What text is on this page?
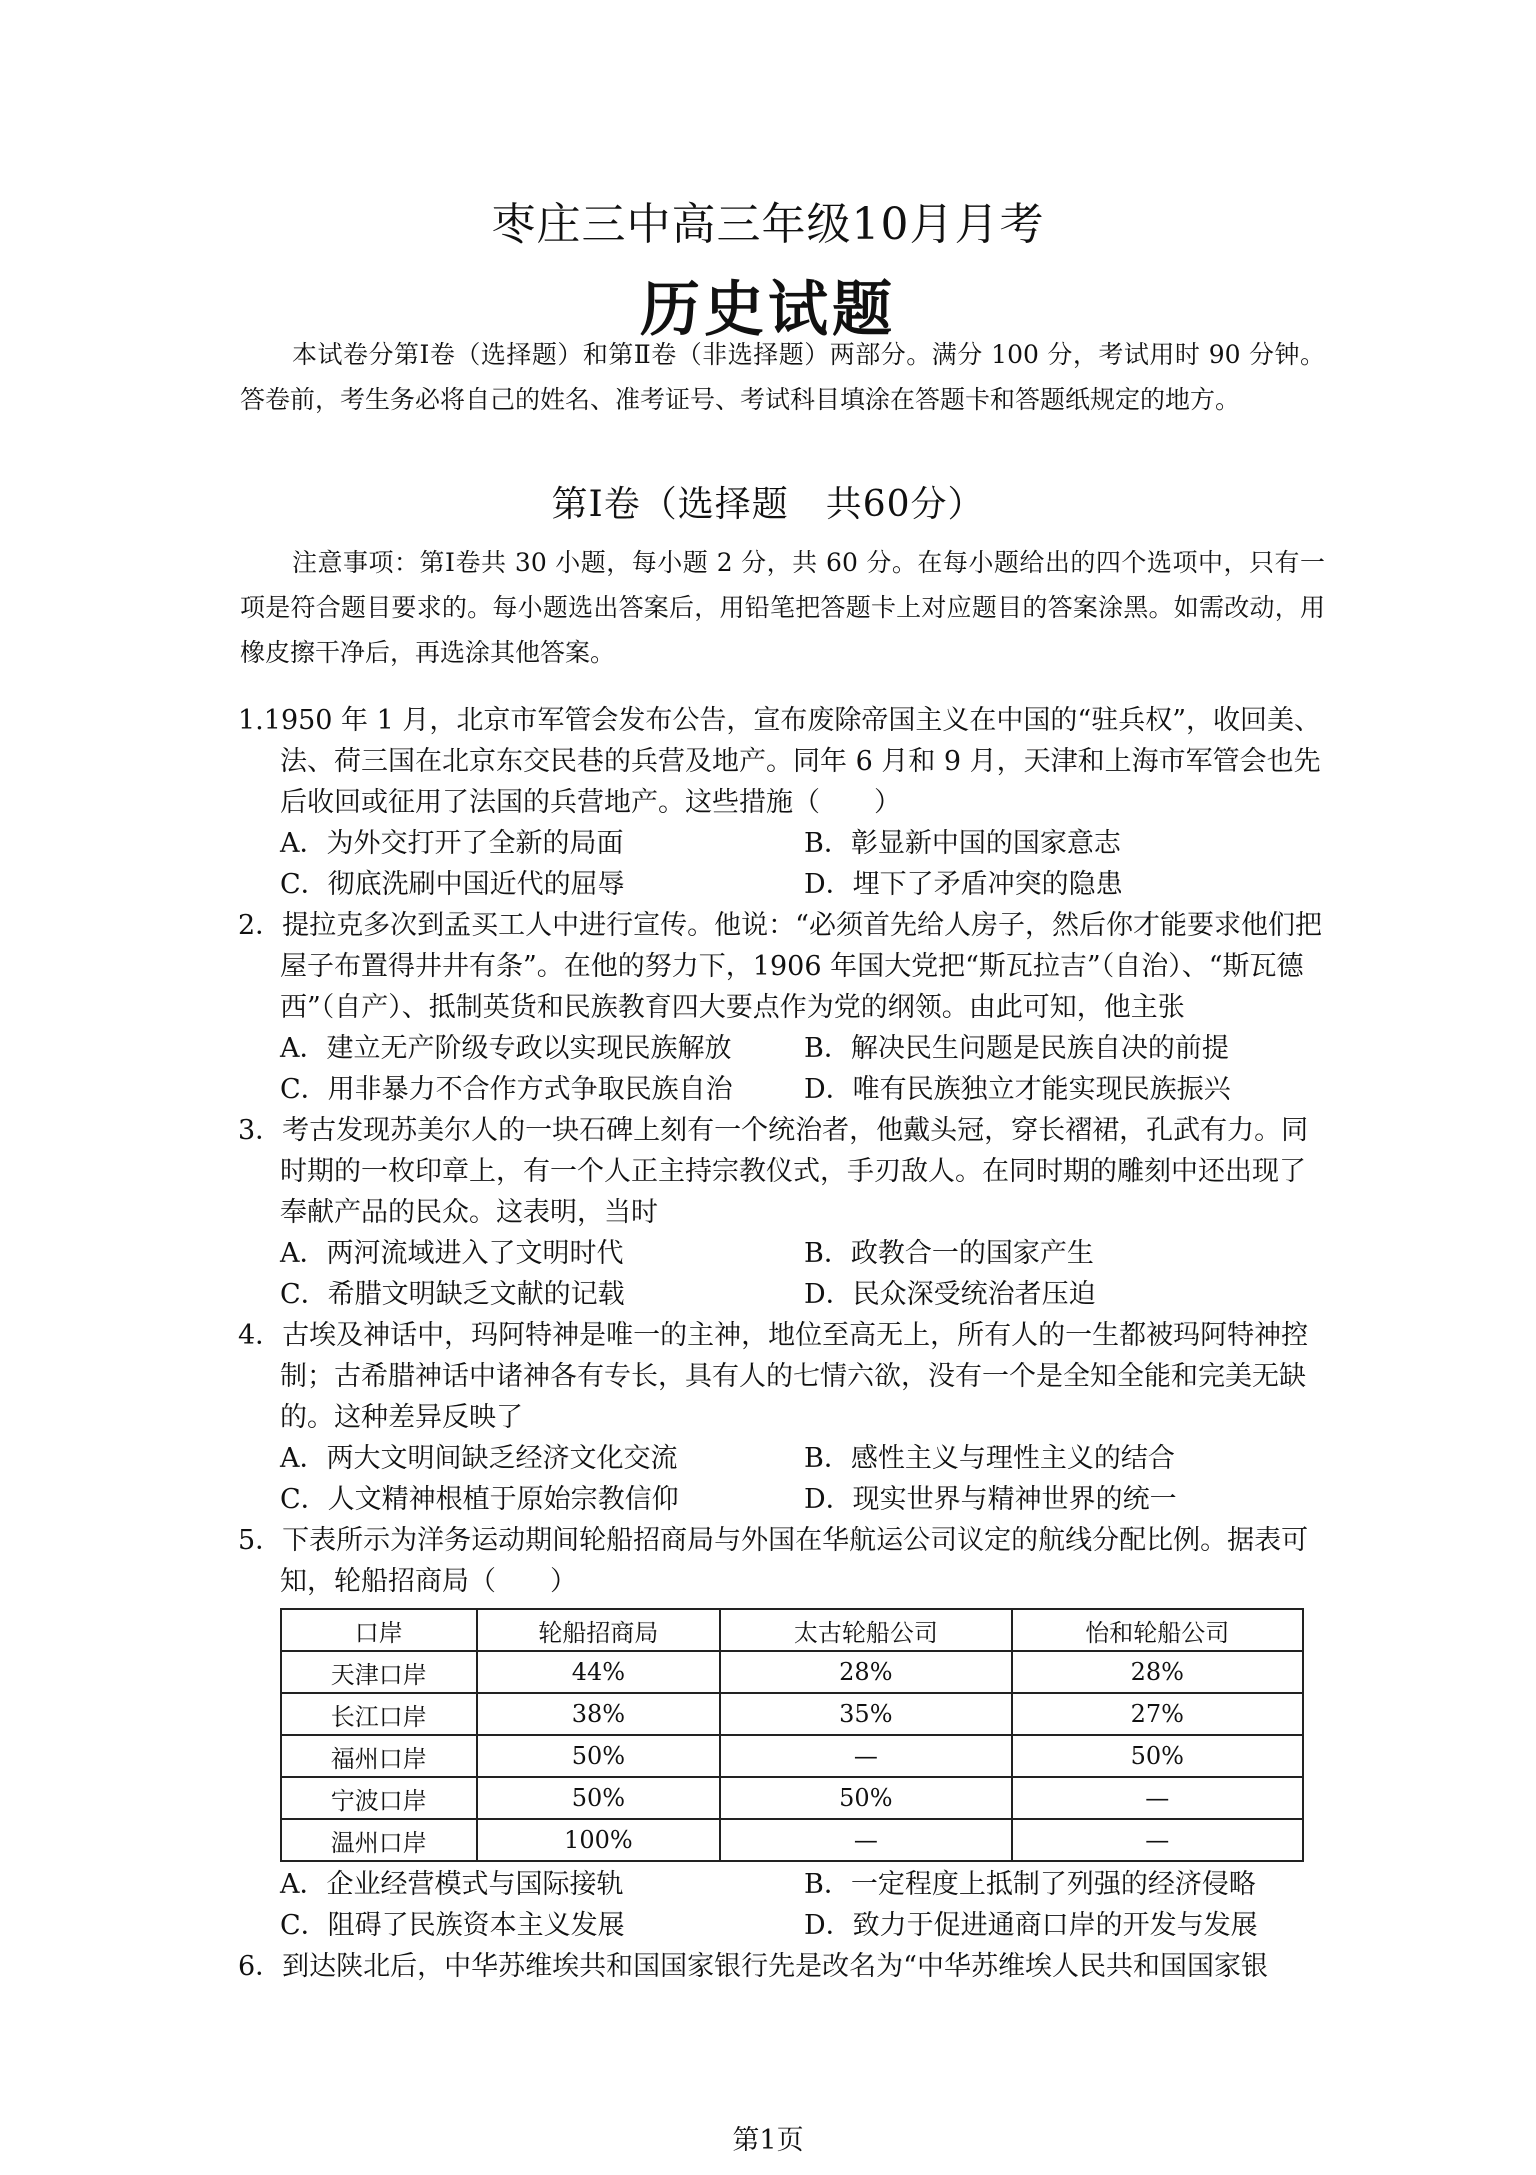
枣庄三中高三年级10月月考
历史试题
本试卷分第Ⅰ卷（选择题）和第Ⅱ卷（非选择题）两部分。满分 100 分，考试用时 90 分钟。答卷前，考生务必将自己的姓名、准考证号、考试科目填涂在答题卡和答题纸规定的地方。
第Ⅰ卷（选择题　共60分）
注意事项：第Ⅰ卷共 30 小题，每小题 2 分，共 60 分。在每小题给出的四个选项中，只有一项是符合题目要求的。每小题选出答案后，用铅笔把答题卡上对应题目的答案涂黑。如需改动，用橡皮擦干净后，再选涂其他答案。
1.1950 年 1 月，北京市军管会发布公告，宣布废除帝国主义在中国的“驻兵权”，收回美、法、荷三国在北京东交民巷的兵营及地产。同年 6 月和 9 月，天津和上海市军管会也先后收回或征用了法国的兵营地产。这些措施（　　）
A．为外交打开了全新的局面	B．彰显新中国的国家意志
C．彻底洗刷中国近代的屈辱	D．埋下了矛盾冲突的隐患
2．提拉克多次到孟买工人中进行宣传。他说：“必须首先给人房子，然后你才能要求他们把屋子布置得井井有条”。在他的努力下，1906 年国大党把“斯瓦拉吉”（自治）、“斯瓦德西”（自产）、抵制英货和民族教育四大要点作为党的纲领。由此可知，他主张
A．建立无产阶级专政以实现民族解放	B．解决民生问题是民族自决的前提
C．用非暴力不合作方式争取民族自治	D．唯有民族独立才能实现民族振兴
3．考古发现苏美尔人的一块石碑上刻有一个统治者，他戴头冠，穿长褶裙，孔武有力。同时期的一枚印章上，有一个人正主持宗教仪式，手刃敌人。在同时期的雕刻中还出现了奉献产品的民众。这表明，当时
A．两河流域进入了文明时代	B．政教合一的国家产生
C．希腊文明缺乏文献的记载	D．民众深受统治者压迫
4．古埃及神话中，玛阿特神是唯一的主神，地位至高无上，所有人的一生都被玛阿特神控制；古希腊神话中诸神各有专长，具有人的七情六欲，没有一个是全知全能和完美无缺的。这种差异反映了
A．两大文明间缺乏经济文化交流	B．感性主义与理性主义的结合
C．人文精神根植于原始宗教信仰	D．现实世界与精神世界的统一
5．下表所示为洋务运动期间轮船招商局与外国在华航运公司议定的航线分配比例。据表可知，轮船招商局（　　）
口岸	轮船招商局	太古轮船公司	怡和轮船公司
天津口岸	44%	28%	28%
长江口岸	38%	35%	27%
福州口岸	50%	—	50%
宁波口岸	50%	50%	—
温州口岸	100%	—	—
A．企业经营模式与国际接轨	B．一定程度上抵制了列强的经济侵略
C．阻碍了民族资本主义发展	D．致力于促进通商口岸的开发与发展
6．到达陕北后，中华苏维埃共和国国家银行先是改名为“中华苏维埃人民共和国国家银
第1页
